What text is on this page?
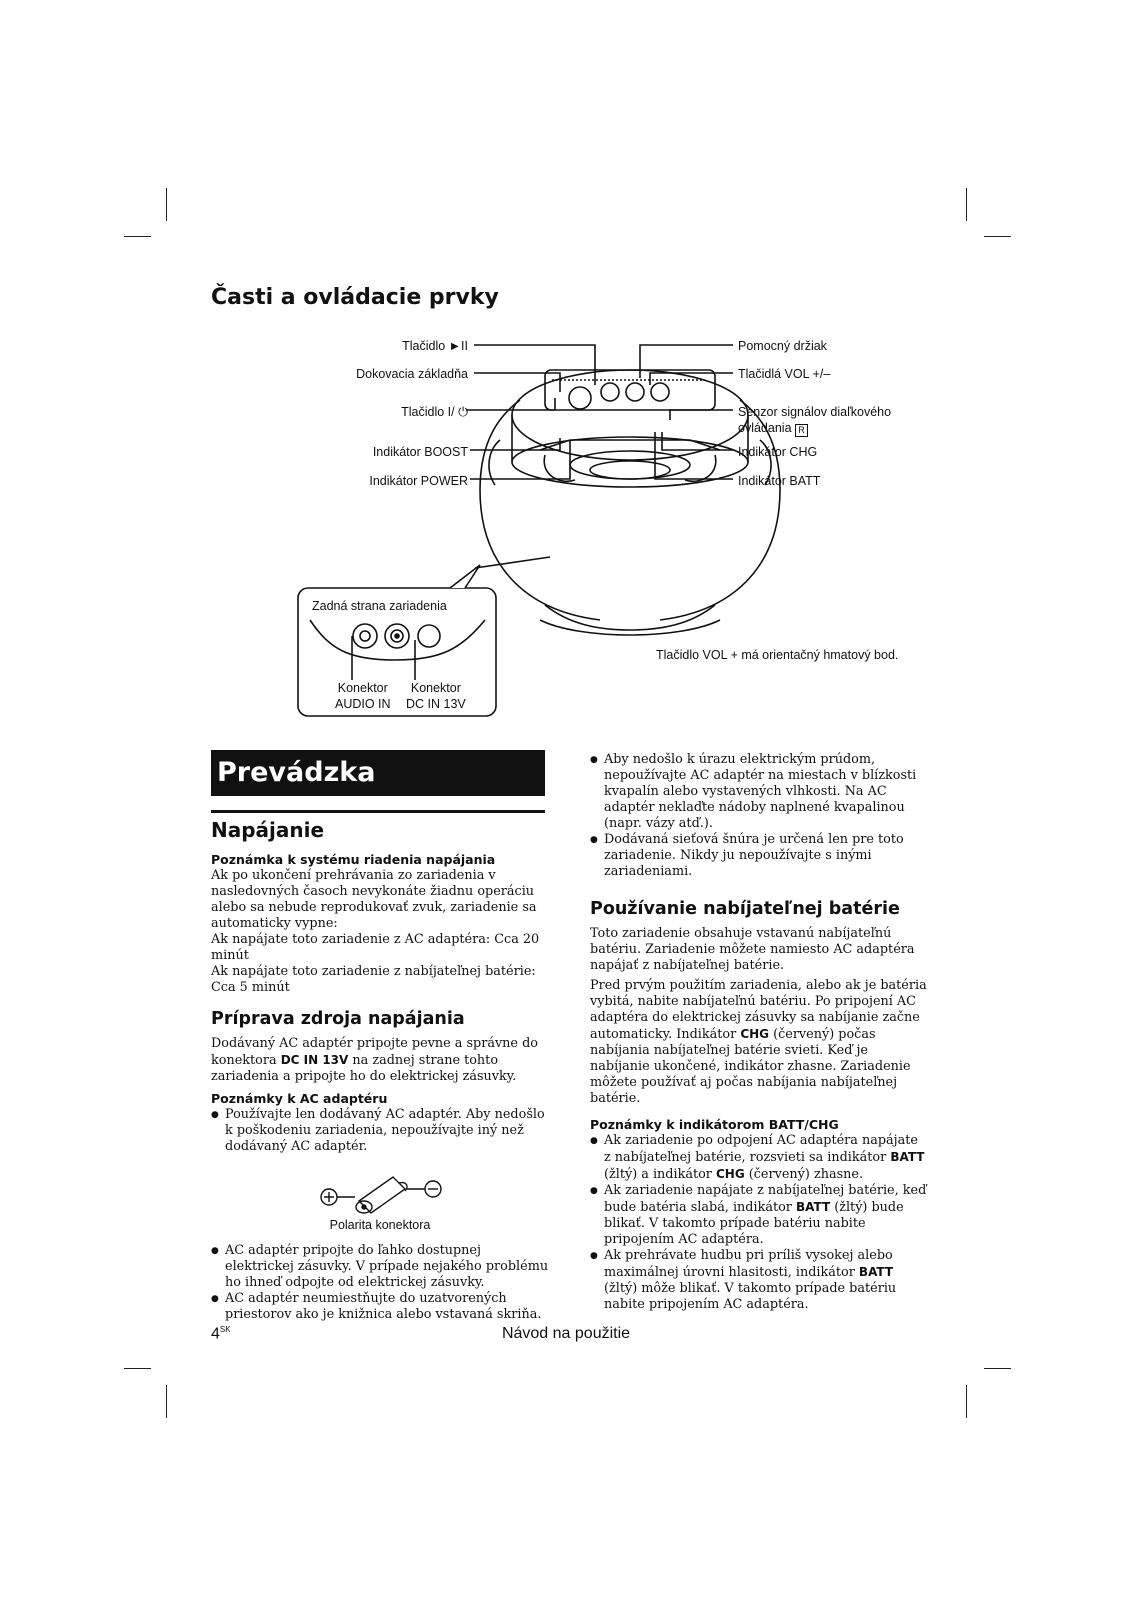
Časti a ovládacie prvky
Tlačidlo ►II
Dokovacia základňa
Tlačidlo I/ ⏻
Indikátor BOOST
Indikátor POWER
Pomocný držiak
Tlačidlá VOL +/–
Senzor signálov diaľkového
ovládania R
Indikátor CHG
Indikátor BATT
Zadná strana zariadenia
Konektor
AUDIO IN
Konektor
DC IN 13V
Tlačidlo VOL + má orientačný hmatový bod.
Prevádzka
Napájanie
Poznámka k systému riadenia napájania

Ak po ukončení prehrávania zo zariadenia v nasledovných časoch nevykonáte žiadnu operáciu alebo sa nebude reprodukovať zvuk, zariadenie sa automaticky vypne:

Ak napájate toto zariadenie z AC adaptéra: Cca 20 minút

Ak napájate toto zariadenie z nabíjateľnej batérie:

Cca 5 minút

Príprava zdroja napájania

Dodávaný AC adaptér pripojte pevne a správne do konektora DC IN 13V na zadnej strane tohto zariadenia a pripojte ho do elektrickej zásuvky.

Poznámky k AC adaptéru
● Používajte len dodávaný AC adaptér. Aby nedošlo k poškodeniu zariadenia, nepoužívajte iný než dodávaný AC adaptér.
Polarita konektora
● AC adaptér pripojte do ľahko dostupnej elektrickej zásuvky. V prípade nejakého problému ho ihneď odpojte od elektrickej zásuvky.
● AC adaptér neumiestňujte do uzatvorených priestorov ako je knižnica alebo vstavaná skriňa.
● Aby nedošlo k úrazu elektrickým prúdom, nepoužívajte AC adaptér na miestach v blízkosti kvapalín alebo vystavených vlhkosti. Na AC adaptér neklaďte nádoby naplnené kvapalinou (napr. vázy atď.).
● Dodávaná sieťová šnúra je určená len pre toto zariadenie. Nikdy ju nepoužívajte s inými zariadeniami.
Používanie nabíjateľnej batérie

Toto zariadenie obsahuje vstavanú nabíjateľnú batériu. Zariadenie môžete namiesto AC adaptéra napájať z nabíjateľnej batérie.

Pred prvým použitím zariadenia, alebo ak je batéria vybitá, nabite nabíjateľnú batériu. Po pripojení AC adaptéra do elektrickej zásuvky sa nabíjanie začne automaticky. Indikátor CHG (červený) počas nabíjania nabíjateľnej batérie svieti. Keď je nabíjanie ukončené, indikátor zhasne. Zariadenie môžete používať aj počas nabíjania nabíjateľnej batérie.

Poznámky k indikátorom BATT/CHG
● Ak zariadenie po odpojení AC adaptéra napájate z nabíjateľnej batérie, rozsvieti sa indikátor BATT (žltý) a indikátor CHG (červený) zhasne.
● Ak zariadenie napájate z nabíjateľnej batérie, keď bude batéria slabá, indikátor BATT (žltý) bude blikať. V takomto prípade batériu nabite pripojením AC adaptéra.
● Ak prehrávate hudbu pri príliš vysokej alebo maximálnej úrovni hlasitosti, indikátor BATT (žltý) môže blikať. V takomto prípade batériu nabite pripojením AC adaptéra.
$4^{SK}$	Návod na použitie
